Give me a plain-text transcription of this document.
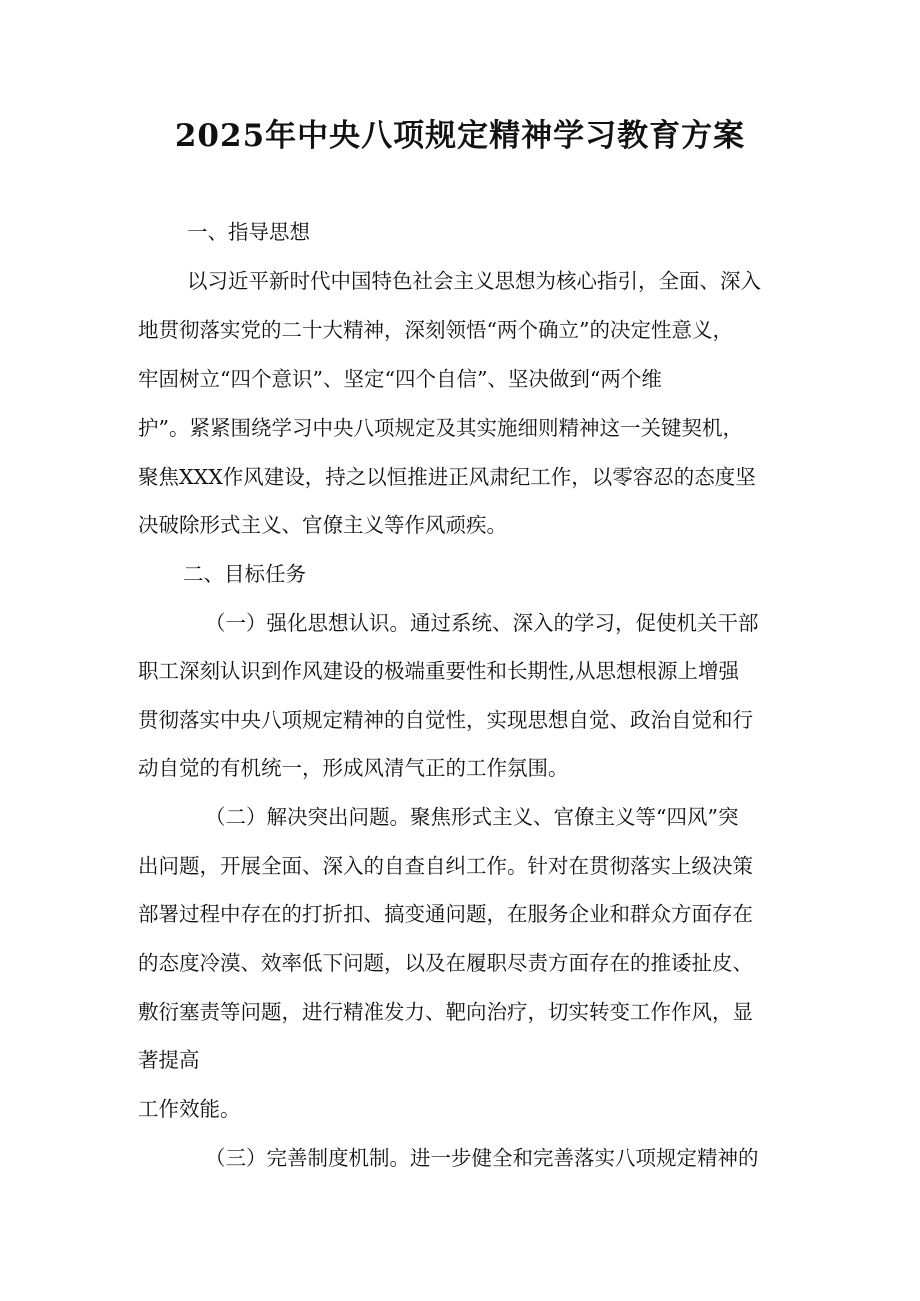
2025年中央八项规定精神学习教育方案
一、指导思想
以习近平新时代中国特色社会主义思想为核心指引，全面、深入
地贯彻落实党的二十大精神，深刻领悟“两个确立”的决定性意义，
牢固树立“四个意识”、坚定“四个自信”、坚决做到“两个维
护”。紧紧围绕学习中央八项规定及其实施细则精神这一关键契机，
聚焦XXX作风建设，持之以恒推进正风肃纪工作，以零容忍的态度坚
决破除形式主义、官僚主义等作风顽疾。
二、目标任务
（一）强化思想认识。通过系统、深入的学习，促使机关干部
职工深刻认识到作风建设的极端重要性和长期性,从思想根源上增强
贯彻落实中央八项规定精神的自觉性，实现思想自觉、政治自觉和行
动自觉的有机统一，形成风清气正的工作氛围。
（二）解决突出问题。聚焦形式主义、官僚主义等“四风”突
出问题，开展全面、深入的自查自纠工作。针对在贯彻落实上级决策
部署过程中存在的打折扣、搞变通问题，在服务企业和群众方面存在
的态度冷漠、效率低下问题，以及在履职尽责方面存在的推诿扯皮、
敷衍塞责等问题，进行精准发力、靶向治疗，切实转变工作作风，显
著提高
工作效能。
（三）完善制度机制。进一步健全和完善落实八项规定精神的
